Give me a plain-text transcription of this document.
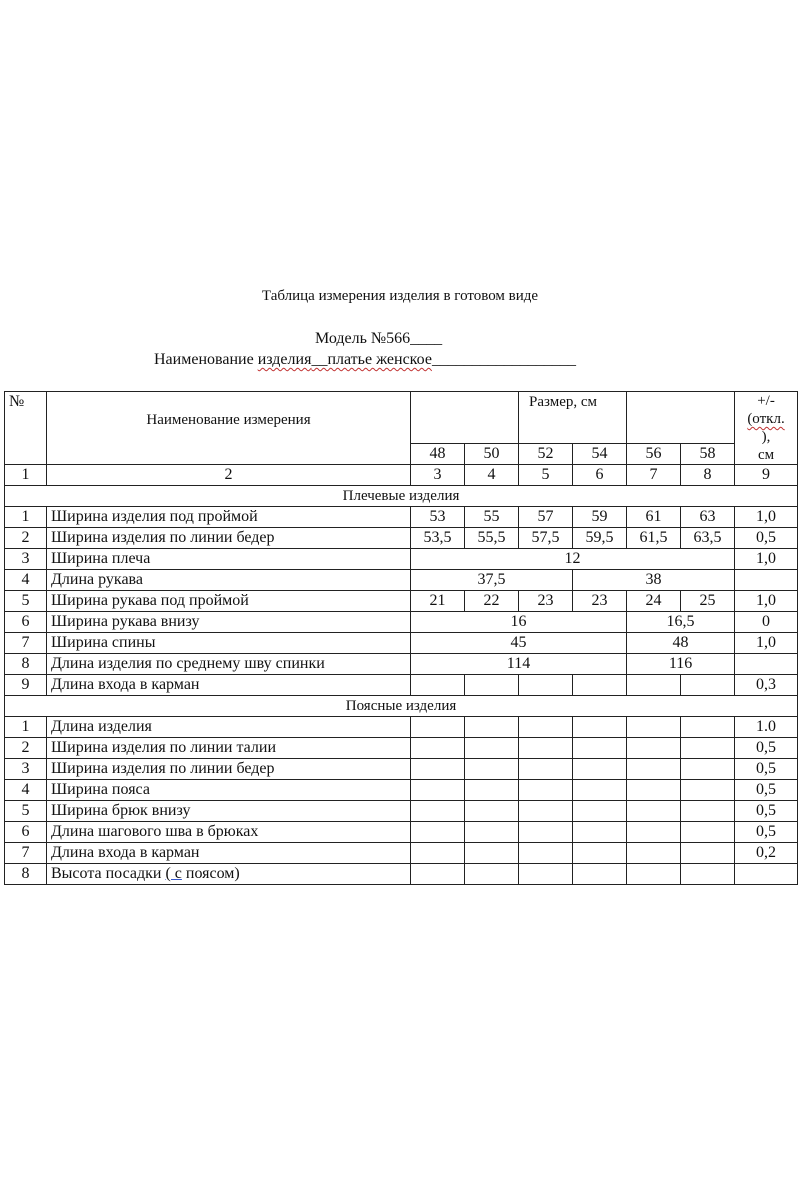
Таблица измерения изделия в готовом виде
Модель №566____
Наименование изделия__платье женское__________________
№	Наименование измерения			Размер, см				+/-
(откл.
),
см

		48	50	52	54	56	58	
1	2	3	4	5	6	7	8	9
Плечевые изделия								
1	Ширина изделия под проймой	53	55	57	59	61	63	1,0
2	Ширина изделия по линии бедер	53,5	55,5	57,5	59,5	61,5	63,5	0,5
3	Ширина плеча	12						1,0
4	Длина рукава	37,5			38			
5	Ширина рукава под проймой	21	22	23	23	24	25	1,0
6	Ширина рукава внизу	16				16,5		0
7	Ширина спины	45				48		1,0
8	Длина изделия по среднему шву спинки	114				116		
9	Длина входа в карман							0,3
Поясные изделия								
1	Длина изделия							1.0
2	Ширина изделия по линии талии							0,5
3	Ширина изделия по линии бедер							0,5
4	Ширина пояса							0,5
5	Ширина брюк внизу							0,5
6	Длина шагового шва в брюках							0,5
7	Длина входа в карман							0,2
8	Высота посадки ( с поясом)							
